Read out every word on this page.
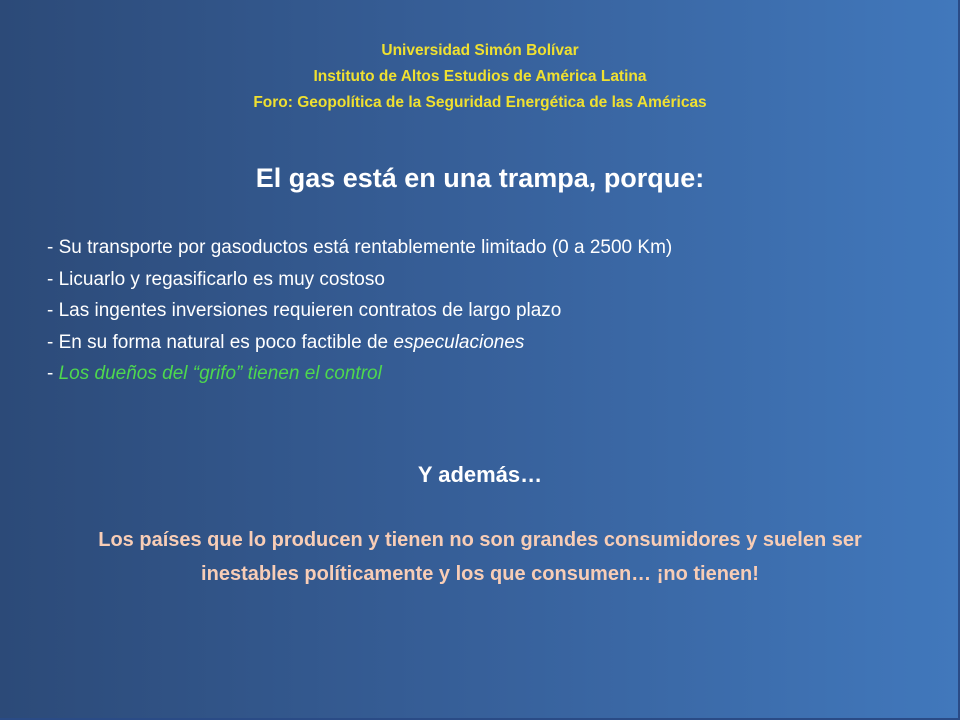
Universidad Simón Bolívar
Instituto de Altos Estudios de América Latina
Foro: Geopolítica de la Seguridad Energética de las Américas
El gas está en una trampa, porque:
- Su transporte por gasoductos está rentablemente limitado (0 a 2500 Km)
- Licuarlo y regasificarlo es muy costoso
- Las ingentes inversiones requieren contratos de largo plazo
- En su forma natural es poco factible de especulaciones
- Los dueños del “grifo” tienen el control
Y además…
Los países que lo producen y tienen no son grandes consumidores y suelen ser
inestables políticamente y los que consumen… ¡no tienen!
